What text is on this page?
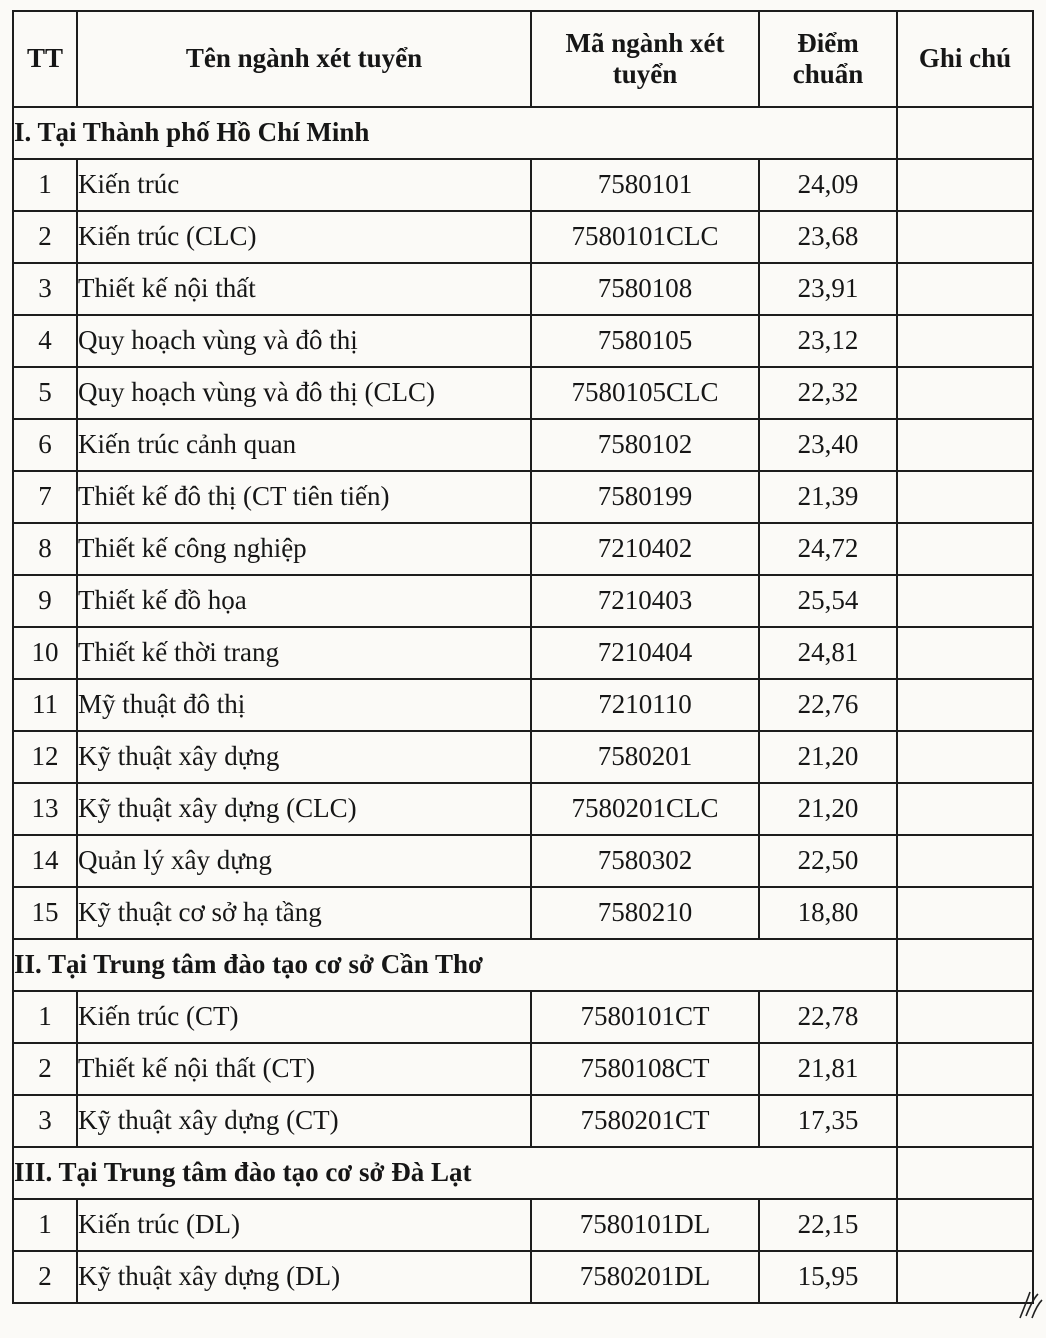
TT	Tên ngành xét tuyển	Mã ngành xét tuyển	Điểm chuẩn	Ghi chú
I. Tại Thành phố Hồ Chí Minh				
1	Kiến trúc	7580101	24,09	
2	Kiến trúc (CLC)	7580101CLC	23,68	
3	Thiết kế nội thất	7580108	23,91	
4	Quy hoạch vùng và đô thị	7580105	23,12	
5	Quy hoạch vùng và đô thị (CLC)	7580105CLC	22,32	
6	Kiến trúc cảnh quan	7580102	23,40	
7	Thiết kế đô thị (CT tiên tiến)	7580199	21,39	
8	Thiết kế công nghiệp	7210402	24,72	
9	Thiết kế đồ họa	7210403	25,54	
10	Thiết kế thời trang	7210404	24,81	
11	Mỹ thuật đô thị	7210110	22,76	
12	Kỹ thuật xây dựng	7580201	21,20	
13	Kỹ thuật xây dựng (CLC)	7580201CLC	21,20	
14	Quản lý xây dựng	7580302	22,50	
15	Kỹ thuật cơ sở hạ tầng	7580210	18,80	
II. Tại Trung tâm đào tạo cơ sở Cần Thơ				
1	Kiến trúc (CT)	7580101CT	22,78	
2	Thiết kế nội thất (CT)	7580108CT	21,81	
3	Kỹ thuật xây dựng (CT)	7580201CT	17,35	
III. Tại Trung tâm đào tạo cơ sở Đà Lạt				
1	Kiến trúc (DL)	7580101DL	22,15	
2	Kỹ thuật xây dựng (DL)	7580201DL	15,95	
